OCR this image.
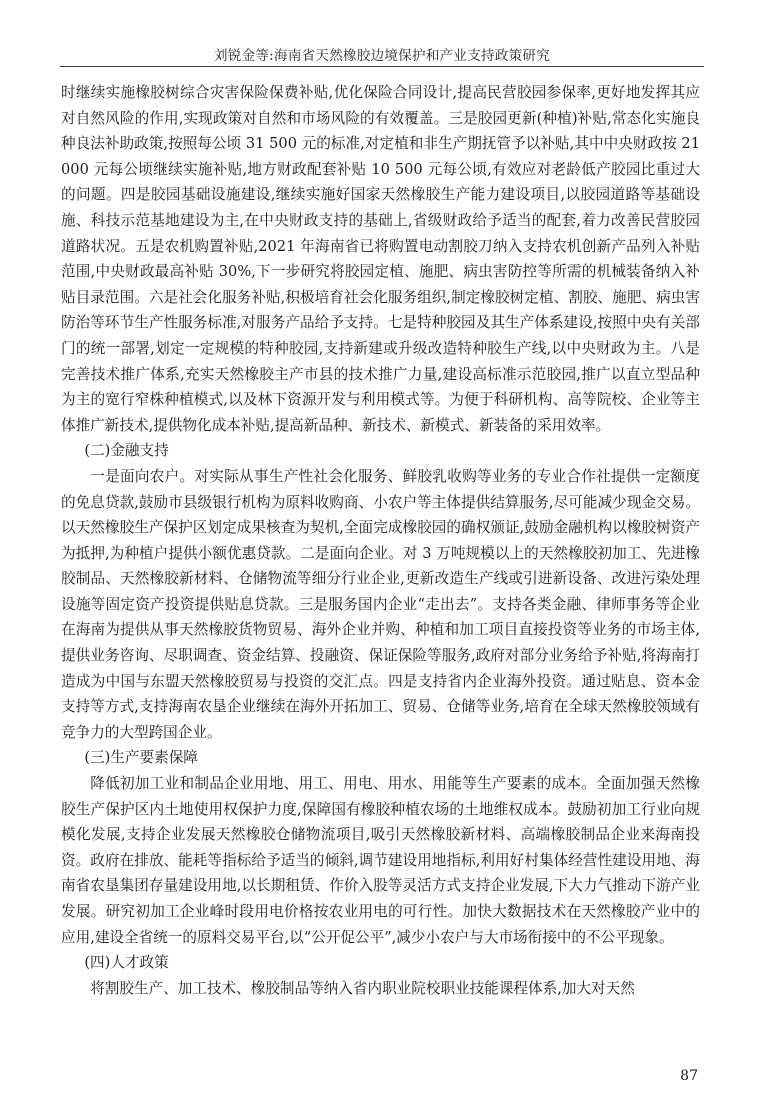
刘锐金等:海南省天然橡胶边境保护和产业支持政策研究

时继续实施橡胶树综合灾害保险保费补贴,优化保险合同设计,提高民营胶园参保率,更好地发挥其应对自然风险的作用,实现政策对自然和市场风险的有效覆盖。三是胶园更新(种植)补贴,常态化实施良种良法补助政策,按照每公顷 31 500 元的标准,对定植和非生产期抚管予以补贴,其中中央财政按 21 000 元每公顷继续实施补贴,地方财政配套补贴 10 500 元每公顷,有效应对老龄低产胶园比重过大的问题。四是胶园基础设施建设,继续实施好国家天然橡胶生产能力建设项目,以胶园道路等基础设施、科技示范基地建设为主,在中央财政支持的基础上,省级财政给予适当的配套,着力改善民营胶园道路状况。五是农机购置补贴,2021 年海南省已将购置电动割胶刀纳入支持农机创新产品列入补贴范围,中央财政最高补贴 30%,下一步研究将胶园定植、施肥、病虫害防控等所需的机械装备纳入补贴目录范围。六是社会化服务补贴,积极培育社会化服务组织,制定橡胶树定植、割胶、施肥、病虫害防治等环节生产性服务标准,对服务产品给予支持。七是特种胶园及其生产体系建设,按照中央有关部门的统一部署,划定一定规模的特种胶园,支持新建或升级改造特种胶生产线,以中央财政为主。八是完善技术推广体系,充实天然橡胶主产市县的技术推广力量,建设高标准示范胶园,推广以直立型品种为主的宽行窄株种植模式,以及林下资源开发与利用模式等。为便于科研机构、高等院校、企业等主体推广新技术,提供物化成本补贴,提高新品种、新技术、新模式、新装备的采用效率。

(二)金融支持

一是面向农户。对实际从事生产性社会化服务、鲜胶乳收购等业务的专业合作社提供一定额度的免息贷款,鼓励市县级银行机构为原料收购商、小农户等主体提供结算服务,尽可能减少现金交易。以天然橡胶生产保护区划定成果核查为契机,全面完成橡胶园的确权颁证,鼓励金融机构以橡胶树资产为抵押,为种植户提供小额优惠贷款。二是面向企业。对 3 万吨规模以上的天然橡胶初加工、先进橡胶制品、天然橡胶新材料、仓储物流等细分行业企业,更新改造生产线或引进新设备、改进污染处理设施等固定资产投资提供贴息贷款。三是服务国内企业“走出去”。支持各类金融、律师事务等企业在海南为提供从事天然橡胶货物贸易、海外企业并购、种植和加工项目直接投资等业务的市场主体,提供业务咨询、尽职调查、资金结算、投融资、保证保险等服务,政府对部分业务给予补贴,将海南打造成为中国与东盟天然橡胶贸易与投资的交汇点。四是支持省内企业海外投资。通过贴息、资本金支持等方式,支持海南农垦企业继续在海外开拓加工、贸易、仓储等业务,培育在全球天然橡胶领域有竞争力的大型跨国企业。

(三)生产要素保障

降低初加工业和制品企业用地、用工、用电、用水、用能等生产要素的成本。全面加强天然橡胶生产保护区内土地使用权保护力度,保障国有橡胶种植农场的土地维权成本。鼓励初加工行业向规模化发展,支持企业发展天然橡胶仓储物流项目,吸引天然橡胶新材料、高端橡胶制品企业来海南投资。政府在排放、能耗等指标给予适当的倾斜,调节建设用地指标,利用好村集体经营性建设用地、海南省农垦集团存量建设用地,以长期租赁、作价入股等灵活方式支持企业发展,下大力气推动下游产业发展。研究初加工企业峰时段用电价格按农业用电的可行性。加快大数据技术在天然橡胶产业中的应用,建设全省统一的原料交易平台,以“公开促公平”,减少小农户与大市场衔接中的不公平现象。

(四)人才政策

将割胶生产、加工技术、橡胶制品等纳入省内职业院校职业技能课程体系,加大对天然

87
